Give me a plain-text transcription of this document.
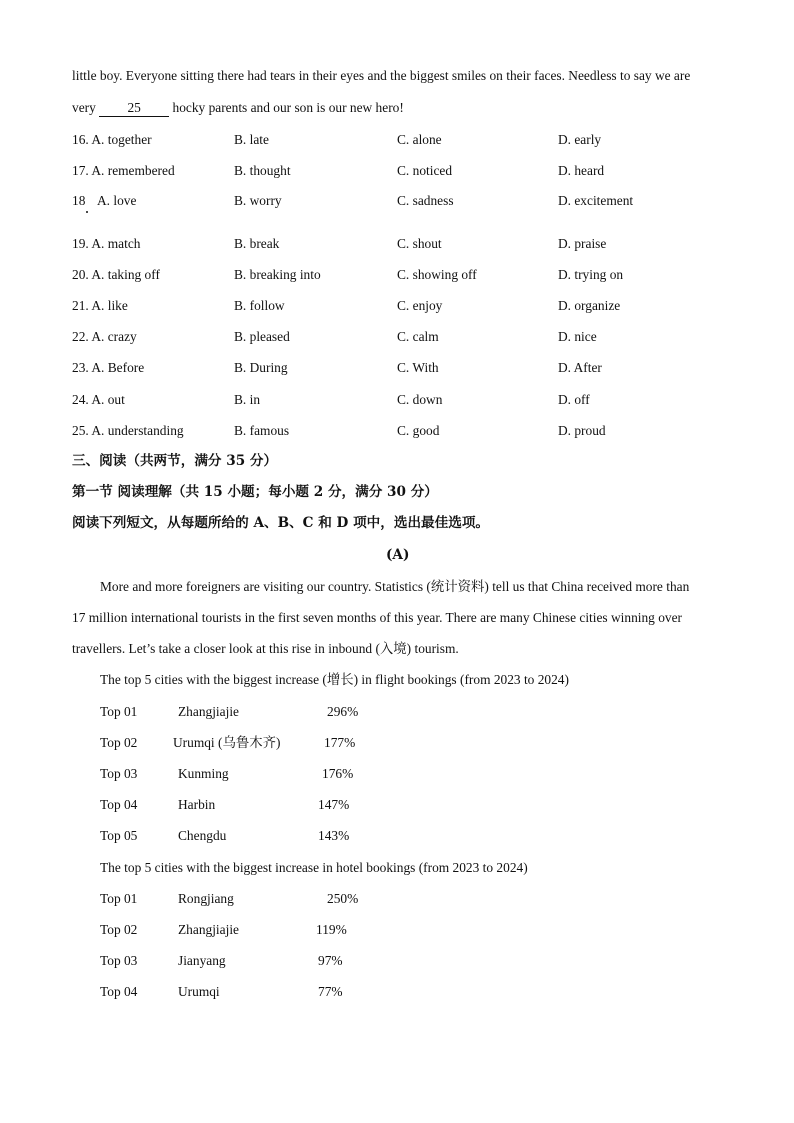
little boy. Everyone sitting there had tears in their eyes and the biggest smiles on their faces. Needless to say we are
very 25 hocky parents and our son is our new hero!
16. A. together	B. late	C. alone	D. early
17. A. remembered	B. thought	C. noticed	D. heard
18 A. love	B. worry	C. sadness	D. excitement
19. A. match	B. break	C. shout	D. praise
20. A. taking off	B. breaking into	C. showing off	D. trying on
21. A. like	B. follow	C. enjoy	D. organize
22. A. crazy	B. pleased	C. calm	D. nice
23. A. Before	B. During	C. With	D. After
24. A. out	B. in	C. down	D. off
25. A. understanding	B. famous	C. good	D. proud
三、阅读（共两节，满分 35 分）
第一节 阅读理解（共 15 小题；每小题 2 分，满分 30 分）
阅读下列短文，从每题所给的 A、B、C 和 D 项中，选出最佳选项。
(A)
More and more foreigners are visiting our country. Statistics (统计资料) tell us that China received more than
17 million international tourists in the first seven months of this year. There are many Chinese cities winning over
travellers. Let’s take a closer look at this rise in inbound (入境) tourism.
The top 5 cities with the biggest increase (增长) in flight bookings (from 2023 to 2024)
Top 01	Zhangjiajie	296%
Top 02	Urumqi (乌鲁木齐)	177%
Top 03	Kunming	176%
Top 04	Harbin	147%
Top 05	Chengdu	143%
The top 5 cities with the biggest increase in hotel bookings (from 2023 to 2024)
Top 01	Rongjiang	250%
Top 02	Zhangjiajie	119%
Top 03	Jianyang	97%
Top 04	Urumqi	77%
